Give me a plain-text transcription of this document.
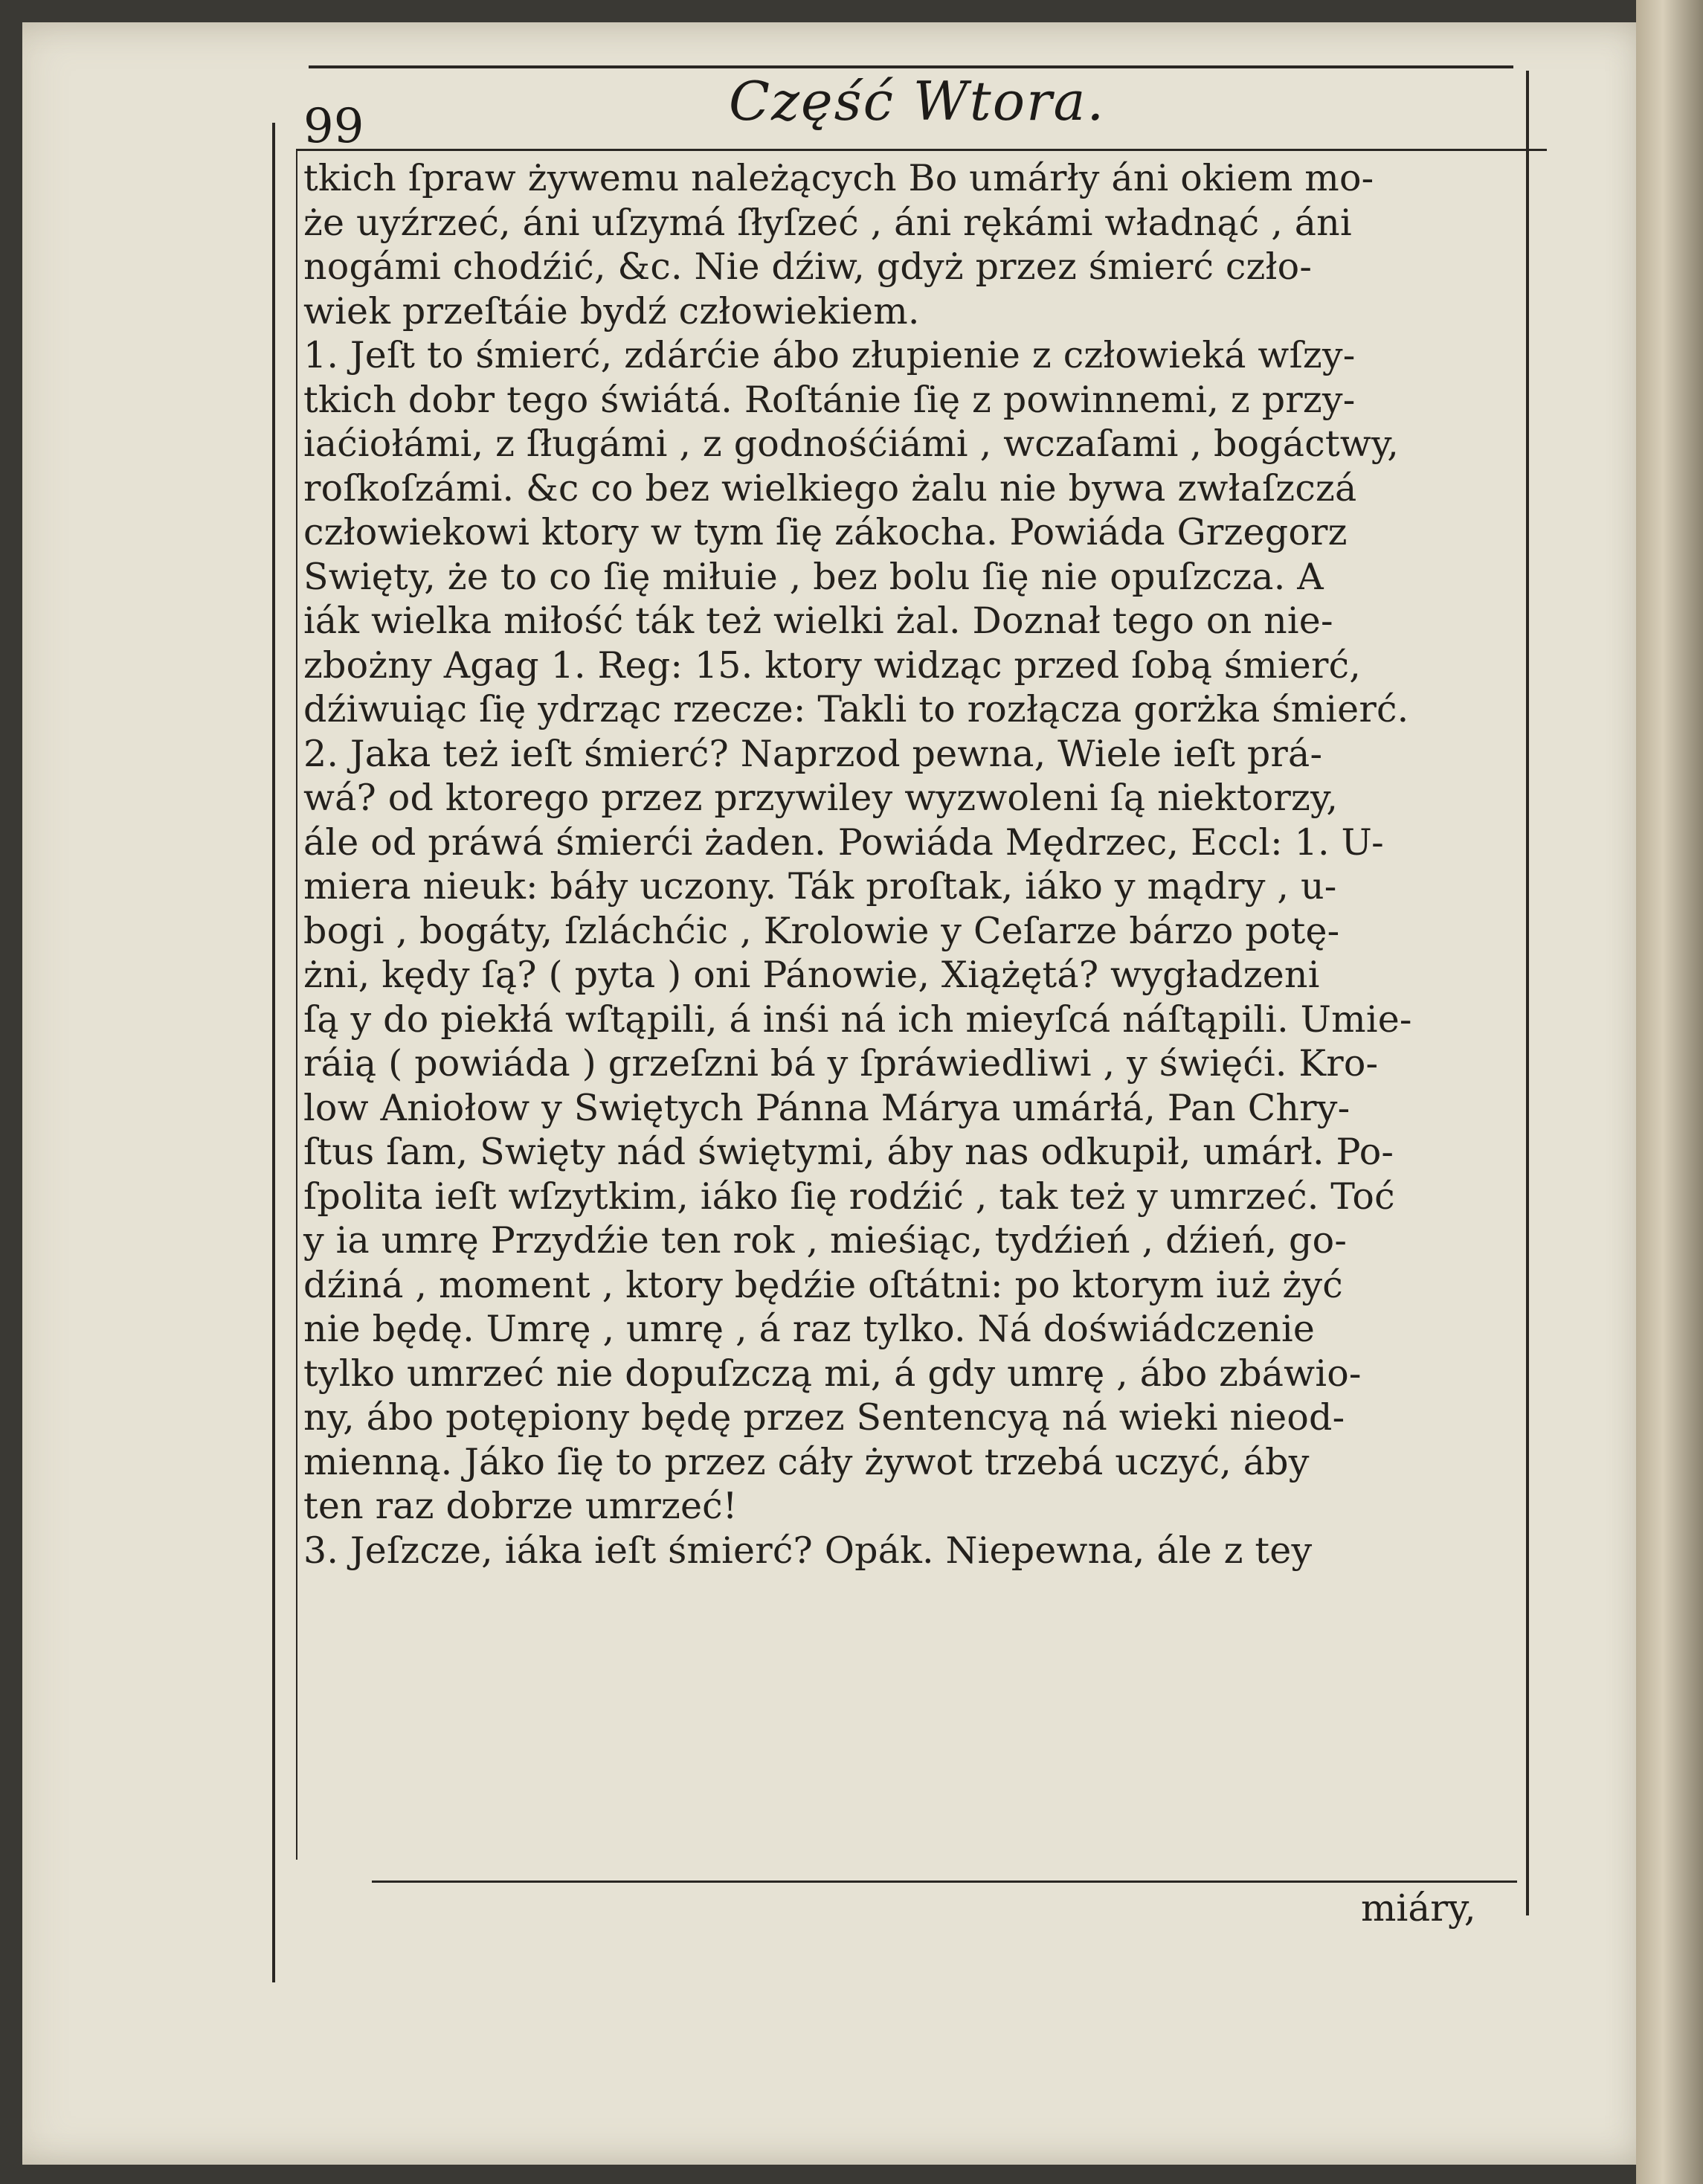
99	Część Wtora.
tkich ſpraw żywemu należących Bo umárły áni okiem mo-
że uyźrzeć, áni uſzymá ſłyſzeć , áni rękámi władnąć , áni
nogámi chodźić, &c. Nie dźiw, gdyż przez śmierć czło-
wiek przeſtáie bydź człowiekiem.
1. Jeſt to śmierć, zdárćie ábo złupienie z człowieká wſzy-
tkich dobr tego świátá. Roſtánie ſię z powinnemi, z przy-
iaćiołámi, z ſługámi , z godnośćiámi , wczaſami , bogáctwy,
roſkoſzámi. &c co bez wielkiego żalu nie bywa zwłaſzczá
człowiekowi ktory w tym ſię zákocha. Powiáda Grzegorz
Swięty, że to co ſię miłuie , bez bolu ſię nie opuſzcza. A
iák wielka miłość ták też wielki żal. Doznał tego on nie-
zbożny Agag 1. Reg: 15. ktory widząc przed ſobą śmierć,
dźiwuiąc ſię ydrząc rzecze: Takli to rozłącza gorżka śmierć.
2. Jaka też ieſt śmierć? Naprzod pewna, Wiele ieſt prá-
wá? od ktorego przez przywiley wyzwoleni ſą niektorzy,
ále od práwá śmierći żaden. Powiáda Mędrzec, Eccl: 1. U-
miera nieuk: báły uczony. Ták proſtak, iáko y mądry , u-
bogi , bogáty, ſzláchćic , Krolowie y Ceſarze bárzo potę-
żni, kędy ſą? ( pyta ) oni Pánowie, Xiążętá? wygładzeni
ſą y do piekłá wſtąpili, á inśi ná ich mieyſcá náſtąpili. Umie-
ráią ( powiáda ) grzeſzni bá y ſpráwiedliwi , y święći. Kro-
low Aniołow y Swiętych Pánna Márya umárłá, Pan Chry-
ſtus ſam, Swięty nád świętymi, áby nas odkupił, umárł. Po-
ſpolita ieſt wſzytkim, iáko ſię rodźić , tak też y umrzeć. Toć
y ia umrę Przydźie ten rok , mieśiąc, tydźień , dźień, go-
dźiná , moment , ktory będźie oſtátni: po ktorym iuż żyć
nie będę. Umrę , umrę , á raz tylko. Ná doświádczenie
tylko umrzeć nie dopuſzczą mi, á gdy umrę , ábo zbáwio-
ny, ábo potępiony będę przez Sentencyą ná wieki nieod-
mienną. Jáko ſię to przez cáły żywot trzebá uczyć, áby
ten raz dobrze umrzeć!
3. Jeſzcze, iáka ieſt śmierć? Opák. Niepewna, ále z tey
miáry,
